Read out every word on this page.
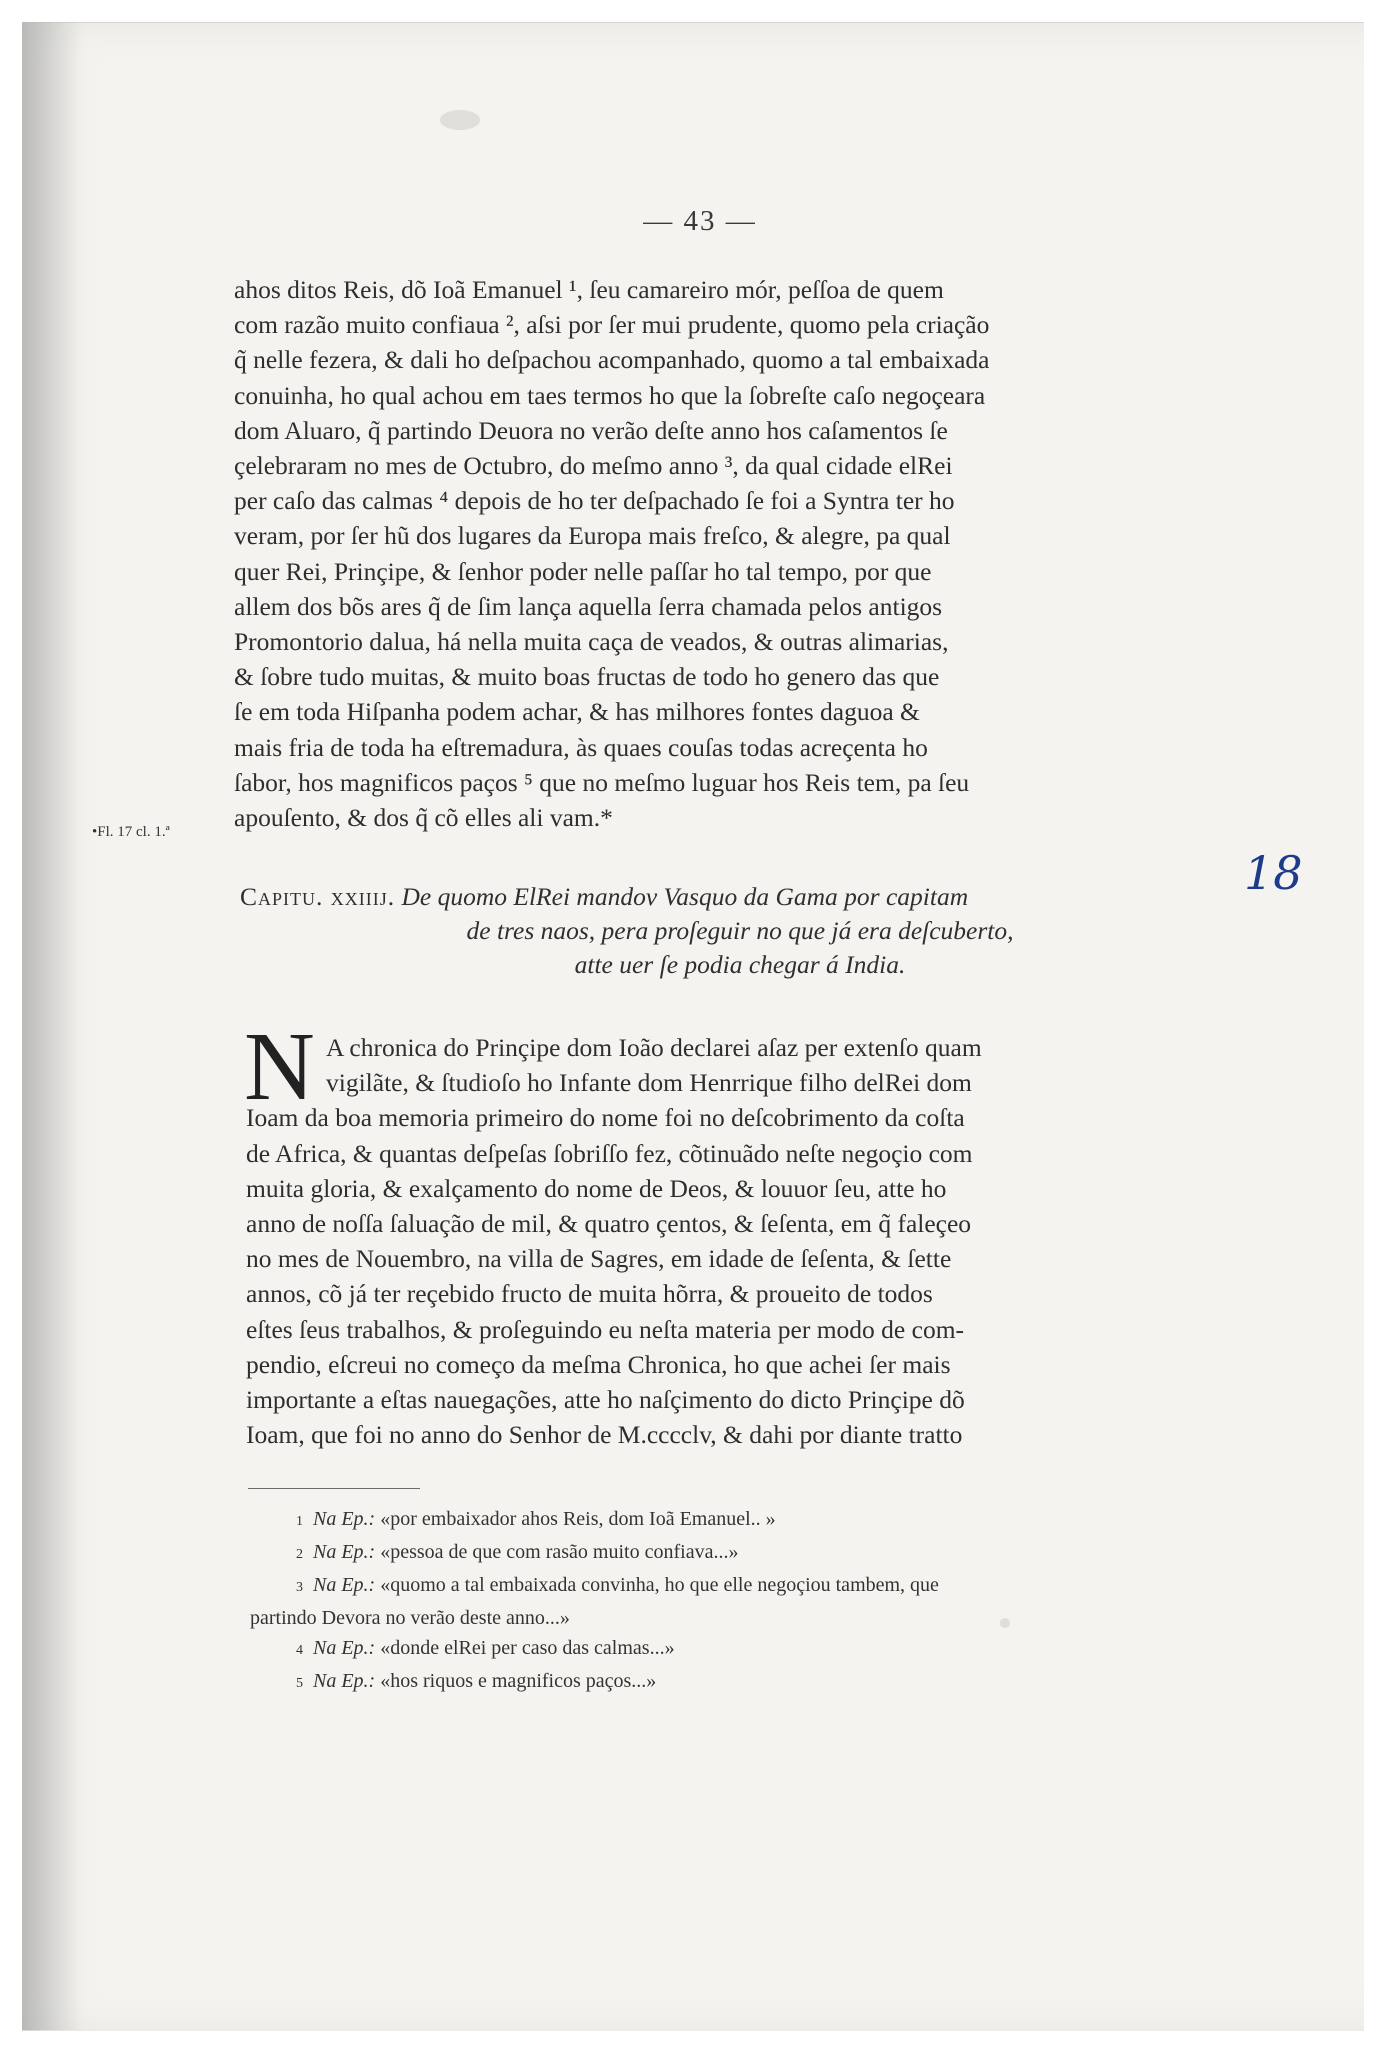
— 43 —
ahos ditos Reis, dõ Ioã Emanuel ¹, ſeu camareiro mór, peſſoa de quem
com razão muito confiaua ², aſsi por ſer mui prudente, quomo pela criação
q̃ nelle fezera, & dali ho deſpachou acompanhado, quomo a tal embaixada
conuinha, ho qual achou em taes termos ho que la ſobreſte caſo negoçeara
dom Aluaro, q̃ partindo Deuora no verão deſte anno hos caſamentos ſe
çelebraram no mes de Octubro, do meſmo anno ³, da qual cidade elRei
per caſo das calmas ⁴ depois de ho ter deſpachado ſe foi a Syntra ter ho
veram, por ſer hũ dos lugares da Europa mais freſco, & alegre, pa qual
quer Rei, Prinçipe, & ſenhor poder nelle paſſar ho tal tempo, por que
allem dos bõs ares q̃ de ſim lança aquella ſerra chamada pelos antigos
Promontorio dalua, há nella muita caça de veados, & outras alimarias,
& ſobre tudo muitas, & muito boas fructas de todo ho genero das que
ſe em toda Hiſpanha podem achar, & has milhores fontes daguoa &
mais fria de toda ha eſtremadura, às quaes couſas todas acreçenta ho
ſabor, hos magnificos paços ⁵ que no meſmo luguar hos Reis tem, pa ſeu
apouſento, & dos q̃ cõ elles ali vam.*
•Fl. 17 cl. 1.ª
Capitu. xxiiij. De quomo ElRei mandov Vasquo da Gama por capitam
de tres naos, pera proſeguir no que já era deſcuberto,
atte uer ſe podia chegar á India.
18
N A chronica do Prinçipe dom Ioão declarei aſaz per extenſo quam
vigilãte, & ſtudioſo ho Infante dom Henrrique filho delRei dom
Ioam da boa memoria primeiro do nome foi no deſcobrimento da coſta
de Africa, & quantas deſpeſas ſobriſſo fez, cõtinuãdo neſte negoçio com
muita gloria, & exalçamento do nome de Deos, & louuor ſeu, atte ho
anno de noſſa ſaluação de mil, & quatro çentos, & ſeſenta, em q̃ faleçeo
no mes de Nouembro, na villa de Sagres, em idade de ſeſenta, & ſette
annos, cõ já ter reçebido fructo de muita hõrra, & proueito de todos
eſtes ſeus trabalhos, & proſeguindo eu neſta materia per modo de com-
pendio, eſcreui no começo da meſma Chronica, ho que achei ſer mais
importante a eſtas nauegações, atte ho naſçimento do dicto Prinçipe dõ
Ioam, que foi no anno do Senhor de M.cccclv, & dahi por diante tratto
1 Na Ep.: «por embaixador ahos Reis, dom Ioã Emanuel.. »
2 Na Ep.: «pessoa de que com rasão muito confiava...»
3 Na Ep.: «quomo a tal embaixada convinha, ho que elle negoçiou tambem, que
partindo Devora no verão deste anno...»
4 Na Ep.: «donde elRei per caso das calmas...»
5 Na Ep.: «hos riquos e magnificos paços...»
